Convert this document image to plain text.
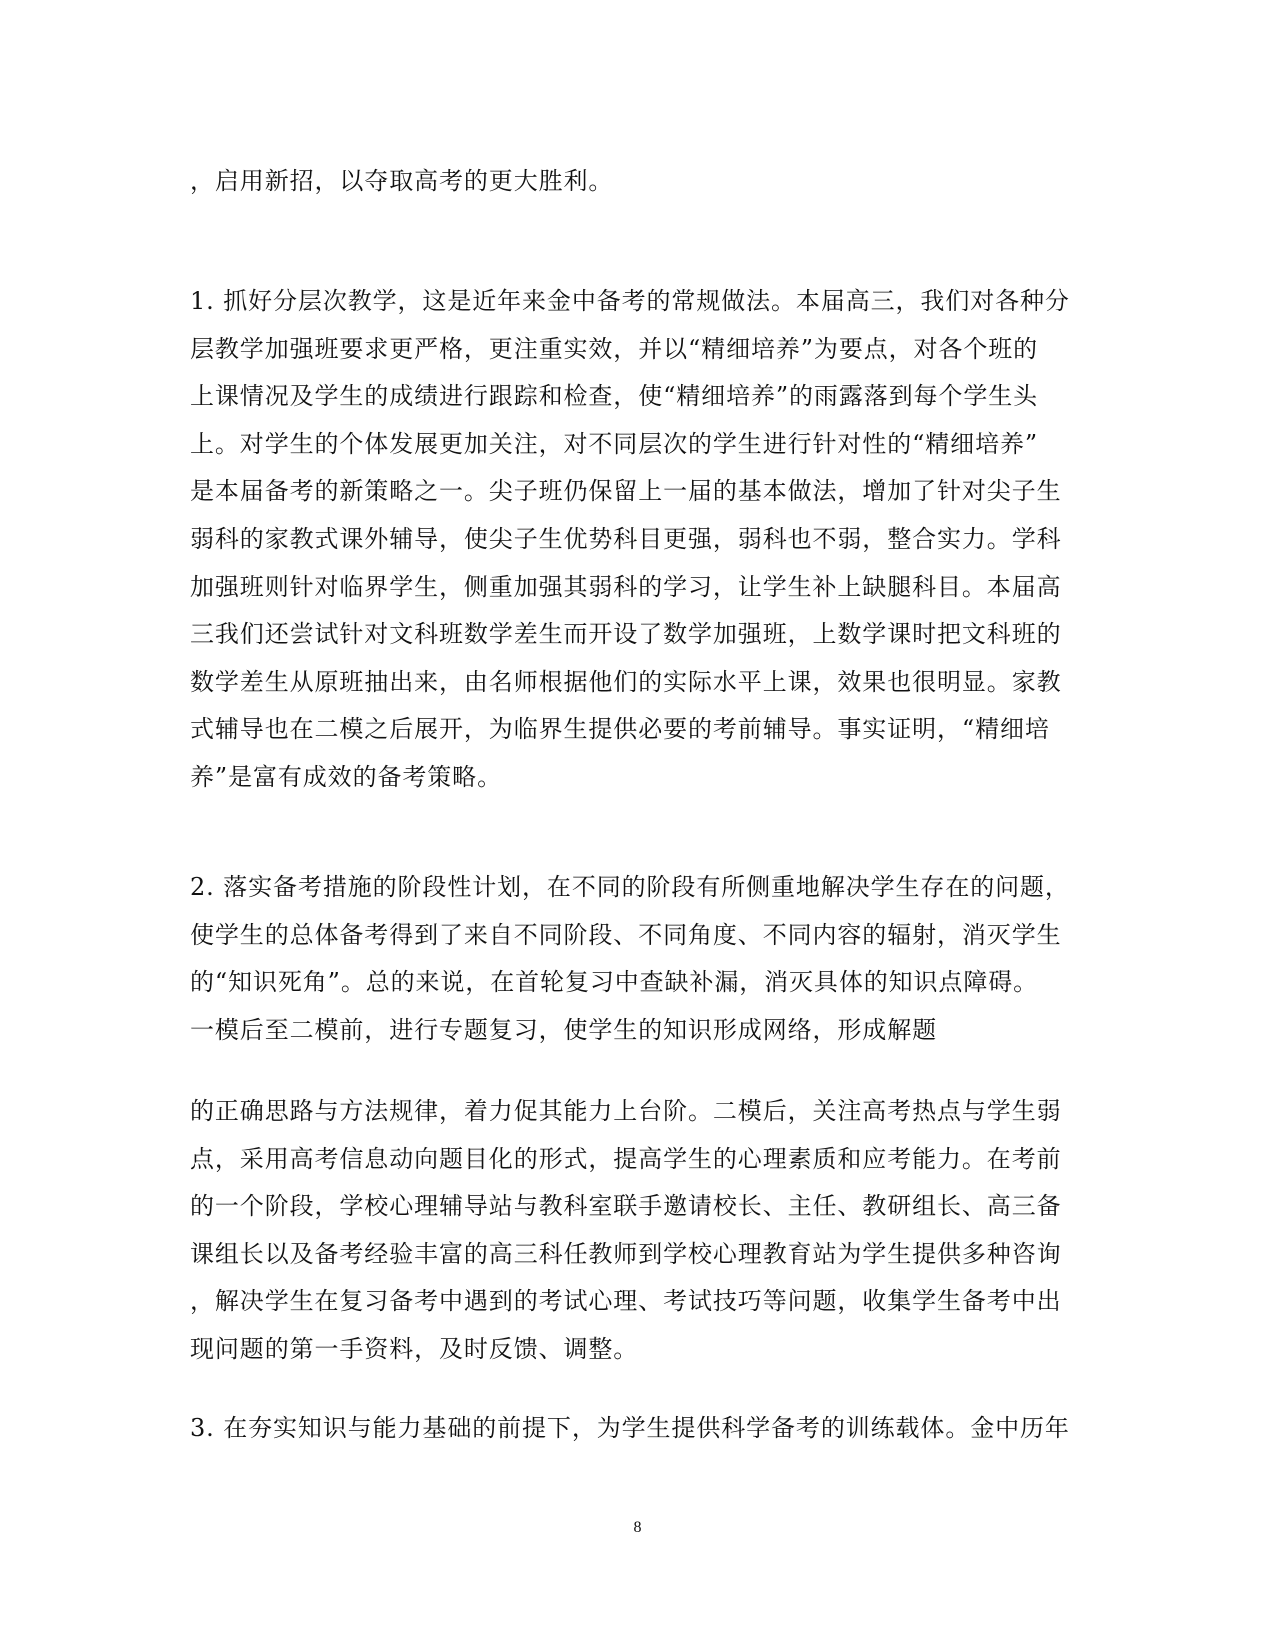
，启用新招，以夺取高考的更大胜利。
1. 抓好分层次教学，这是近年来金中备考的常规做法。本届高三，我们对各种分
层教学加强班要求更严格，更注重实效，并以“精细培养”为要点，对各个班的
上课情况及学生的成绩进行跟踪和检查，使“精细培养”的雨露落到每个学生头
上。对学生的个体发展更加关注，对不同层次的学生进行针对性的“精细培养”
是本届备考的新策略之一。尖子班仍保留上一届的基本做法，增加了针对尖子生
弱科的家教式课外辅导，使尖子生优势科目更强，弱科也不弱，整合实力。学科
加强班则针对临界学生，侧重加强其弱科的学习，让学生补上缺腿科目。本届高
三我们还尝试针对文科班数学差生而开设了数学加强班，上数学课时把文科班的
数学差生从原班抽出来，由名师根据他们的实际水平上课，效果也很明显。家教
式辅导也在二模之后展开，为临界生提供必要的考前辅导。事实证明，“精细培
养”是富有成效的备考策略。
2. 落实备考措施的阶段性计划，在不同的阶段有所侧重地解决学生存在的问题，
使学生的总体备考得到了来自不同阶段、不同角度、不同内容的辐射，消灭学生
的“知识死角”。总的来说，在首轮复习中查缺补漏，消灭具体的知识点障碍。
一模后至二模前，进行专题复习，使学生的知识形成网络，形成解题
的正确思路与方法规律，着力促其能力上台阶。二模后，关注高考热点与学生弱
点，采用高考信息动向题目化的形式，提高学生的心理素质和应考能力。在考前
的一个阶段，学校心理辅导站与教科室联手邀请校长、主任、教研组长、高三备
课组长以及备考经验丰富的高三科任教师到学校心理教育站为学生提供多种咨询
，解决学生在复习备考中遇到的考试心理、考试技巧等问题，收集学生备考中出
现问题的第一手资料，及时反馈、调整。
3. 在夯实知识与能力基础的前提下，为学生提供科学备考的训练载体。金中历年
8
